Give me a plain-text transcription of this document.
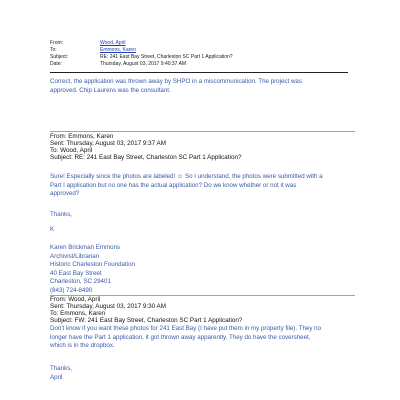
From:	Wood, April
To:	Emmons, Karen
Subject:	RE: 241 East Bay Street, Charleston SC Part 1 Application?
Date:	Thursday, August 03, 2017 9:40:37 AM

Correct, the application was thrown away by SHPO in a miscommunication. The project was

approved. Chip Laurens was the consultant.

From: Emmons, Karen
Sent: Thursday, August 03, 2017 9:37 AM
To: Wood, April
Subject: RE: 241 East Bay Street, Charleston SC Part 1 Application?

Sure! Especially since the photos are labeled! ☺ So I understand, the photos were submitted with a

Part I application but no one has the actual application? Do we know whether or not it was

approved?

Thanks,

K

Karen Brickman Emmons

Archivist/Librarian

Historic Charleston Foundation

40 East Bay Street

Charleston, SC 29401

(843) 724-8490

From: Wood, April
Sent: Thursday, August 03, 2017 9:30 AM
To: Emmons, Karen
Subject: FW: 241 East Bay Street, Charleston SC Part 1 Application?

Don't know if you want these photos for 241 East Bay (I have put them in my property file). They no

longer have the Part 1 application, it got thrown away apparently. They do have the coversheet,

which is in the dropbox.

Thanks,

April
